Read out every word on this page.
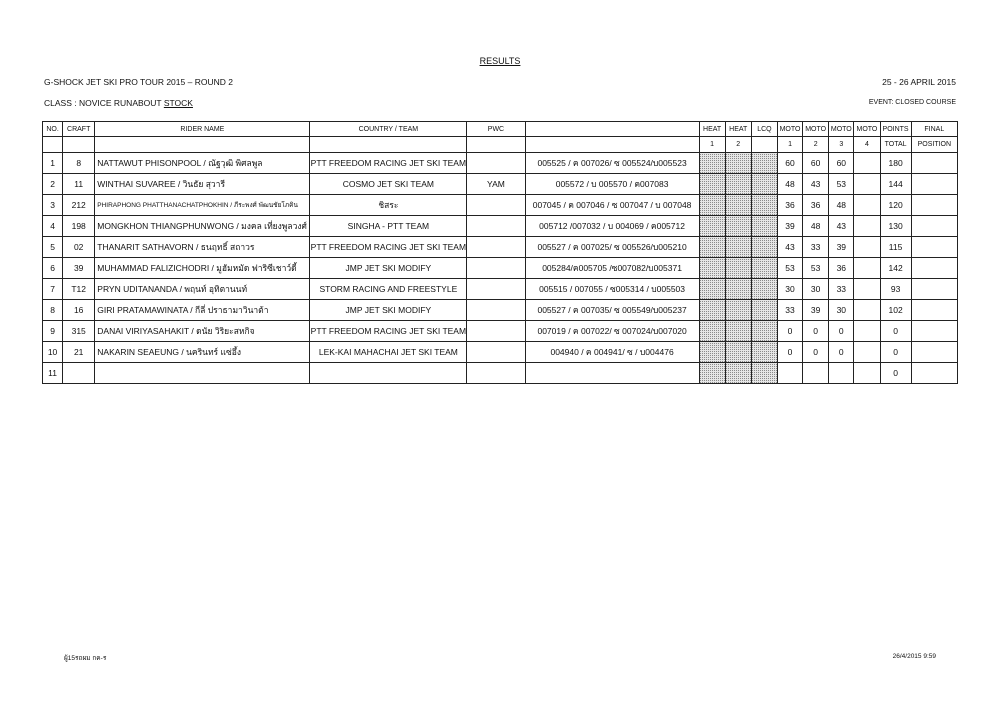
RESULTS
G-SHOCK JET SKI PRO TOUR 2015 – ROUND 2	25 - 26 APRIL 2015
CLASS : NOVICE RUNABOUT STOCK	EVENT: CLOSED COURSE
NO.	CRAFT	RIDER NAME	COUNTRY / TEAM	PWC		HEAT	HEAT	LCQ	MOTO	MOTO	MOTO	MOTO	POINTS	FINAL
						1	2		1	2	3	4	TOTAL	POSITION
1	8	NATTAWUT PHISONPOOL / ณัฐวุฒิ พิศลพูล	PTT FREEDOM RACING JET SKI TEAM		005525 / ค 007026/ ซ 005524/บ005523				60	60	60		180	
2	11	WINTHAI SUVAREE / วินธัย สุวารี	COSMO JET SKI TEAM	YAM	005572 / บ 005570 / ค007083				48	43	53		144	
3	212	PHIRAPHONG PHATTHANACHATPHOKHIN / ภีระพงศ์ พัฒนชัยโภคิน	ชิสระ		007045 / ค 007046 / ซ 007047 / บ 007048				36	36	48		120	
4	198	MONGKHON THIANGPHUNWONG / มงคล เที่ยงพูลวงศ์	SINGHA - PTT TEAM		005712 /007032 / บ 004069 / ค005712				39	48	43		130	
5	02	THANARIT SATHAVORN / ธนฤทธิ์ สถาวร	PTT FREEDOM RACING JET SKI TEAM		005527 / ค 007025/ ซ 005526/บ005210				43	33	39		115	
6	39	MUHAMMAD FALIZICHODRI / มูฮัมหมัด ฟาริซีเชาว์ดี้	JMP JET SKI MODIFY		005284/ค005705 /ซ007082/บ005371				53	53	36		142	
7	T12	PRYN UDITANANDA / พฤนท์ อุทิตานนท์	STORM RACING AND FREESTYLE		005515 / 007055 / ซ005314 / บ005503				30	30	33		93	
8	16	GIRI PRATAMAWINATA / กีลี่ ปราธามาวินาต้า	JMP JET SKI MODIFY		005527 / ค 007035/ ซ 005549/บ005237				33	39	30		102	
9	315	DANAI VIRIYASAHAKIT / ดนัย วิริยะสหกิจ	PTT FREEDOM RACING JET SKI TEAM		007019 / ค 007022/ ซ 007024/บ007020				0	0	0		0	
10	21	NAKARIN SEAEUNG / นครินทร์ แซ่อึ้ง	LEK-KAI MAHACHAI JET SKI TEAM		004940 / ค 004941/ ซ / บ004476				0	0	0		0	
11													0	
ผู้15รถผม กค-ร	26/4/2015 9:59
